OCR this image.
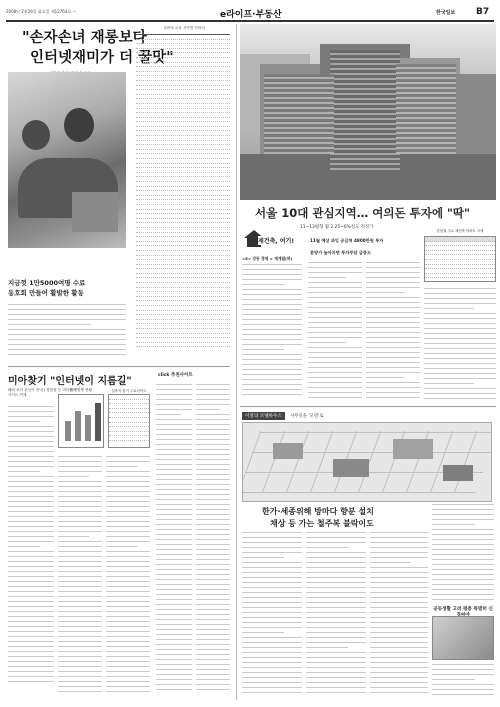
2008년 2월26일 화요일 제12764호 ㅅ	e라이프·부동산	한국일보 B7
"손자손녀 재롱보다
인터넷재미가 더 꿀맛"
지금껏 1만5000여명 수료
동호회 만들어 활발한 활동
실버넷 교육 지역별 연락처
미아찾기 "인터넷이 지름길"
click 추천사이트
해외 보다 관심이 증대 / 경찰청 등 미아찾기 사이트 연계
미아발생 현황	실종자 찾기 주요사이트
서울 10대 관심지역… 여의돈 투자에 "딱"
재건축, 여기!
11~13평형 월 2.25~6%정도 적정가
<5> 강동 경제 × 재개발(하)
11월 예상 과잉 공급처 4800만원 투자
분양가 높아지면 투자부담 급증도
강남권 주요 재건축 아파트 시세
이달의 모델하우스	사무실을 '모델'로
한가·세종위해 방마다 향분 설치
채상 등 가는 철주복 블락이도
공동생활 고려 평층 특별히 신
